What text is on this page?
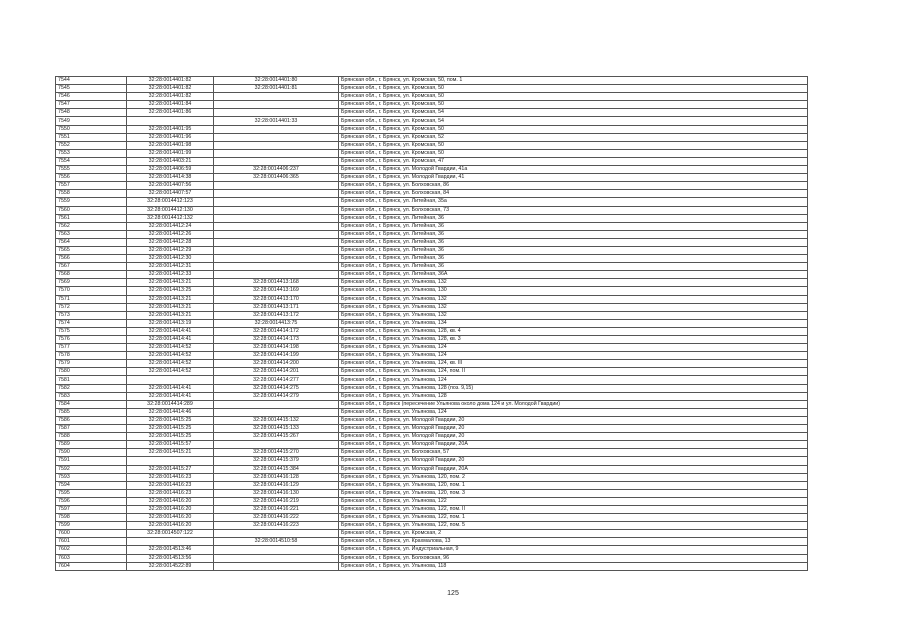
7544	32:28:0014401:82	32:28:0014401:80	Брянская обл., г. Брянск, ул. Кромская, 50, пом. 1
7545	32:28:0014401:82	32:28:0014401:81	Брянская обл., г. Брянск, ул. Кромская, 50
7546	32:28:0014401:82		Брянская обл., г. Брянск, ул. Кромская, 50
7547	32:28:0014401:84		Брянская обл., г. Брянск, ул. Кромская, 50
7548	32:28:0014401:86		Брянская обл., г. Брянск, ул. Кромская, 54
7549		32:28:0014401:33	Брянская обл., г. Брянск, ул. Кромская, 54
7550	32:28:0014401:95		Брянская обл., г. Брянск, ул. Кромская, 50
7551	32:28:0014401:96		Брянская обл., г. Брянск, ул. Кромская, 52
7552	32:28:0014401:98		Брянская обл., г. Брянск, ул. Кромская, 50
7553	32:28:0014401:99		Брянская обл., г. Брянск, ул. Кромская, 50
7554	32:28:0014403:21		Брянская обл., г. Брянск, ул. Кромская, 47
7555	32:28:0014406:59	32:28:0014406:237	Брянская обл., г. Брянск, ул. Молодой Гвардии, 41а
7556	32:28:0014414:38	32:28:0014406:365	Брянская обл., г. Брянск, ул. Молодой Гвардии, 41
7557	32:28:0014407:56		Брянская обл., г. Брянск, ул. Болховская, 86
7558	32:28:0014407:57		Брянская обл., г. Брянск, ул. Болховская, 84
7559	32:28:0014412:123		Брянская обл., г. Брянск, ул. Литейная, 35а
7560	32:28:0014412:130		Брянская обл., г. Брянск, ул. Болховская, 73
7561	32:28:0014412:132		Брянская обл., г. Брянск, ул. Литейная, 36
7562	32:28:0014412:24		Брянская обл., г. Брянск, ул. Литейная, 36
7563	32:28:0014412:26		Брянская обл., г. Брянск, ул. Литейная, 36
7564	32:28:0014412:28		Брянская обл., г. Брянск, ул. Литейная, 36
7565	32:28:0014412:29		Брянская обл., г. Брянск, ул. Литейная, 36
7566	32:28:0014412:30		Брянская обл., г. Брянск, ул. Литейная, 36
7567	32:28:0014412:31		Брянская обл., г. Брянск, ул. Литейная, 36
7568	32:28:0014412:33		Брянская обл., г. Брянск, ул. Литейная, 36А
7569	32:28:0014413:21	32:28:0014413:168	Брянская обл., г. Брянск, ул. Ульянова, 132
7570	32:28:0014413:25	32:28:0014413:169	Брянская обл., г. Брянск, ул. Ульянова, 130
7571	32:28:0014413:21	32:28:0014413:170	Брянская обл., г. Брянск, ул. Ульянова, 132
7572	32:28:0014413:21	32:28:0014413:171	Брянская обл., г. Брянск, ул. Ульянова, 132
7573	32:28:0014413:21	32:28:0014413:172	Брянская обл., г. Брянск, ул. Ульянова, 132
7574	32:28:0014413:19	32:28:0014413:75	Брянская обл., г. Брянск, ул. Ульянова, 134
7575	32:28:0014414:41	32:28:0014414:172	Брянская обл., г. Брянск, ул. Ульянова, 128, кв. 4
7576	32:28:0014414:41	32:28:0014414:173	Брянская обл., г. Брянск, ул. Ульянова, 128, кв. 3
7577	32:28:0014414:52	32:28:0014414:198	Брянская обл., г. Брянск, ул. Ульянова, 124
7578	32:28:0014414:52	32:28:0014414:199	Брянская обл., г. Брянск, ул. Ульянова, 124
7579	32:28:0014414:52	32:28:0014414:200	Брянская обл., г. Брянск, ул. Ульянова, 124, кв. III
7580	32:28:0014414:52	32:28:0014414:201	Брянская обл., г. Брянск, ул. Ульянова, 124, пом. II
7581		32:28:0014414:277	Брянская обл., г. Брянск, ул. Ульянова, 124
7582	32:28:0014414:41	32:28:0014414:275	Брянская обл., г. Брянск, ул. Ульянова, 128 (поз. 9,15)
7583	32:28:0014414:41	32:28:0014414:279	Брянская обл., г. Брянск, ул. Ульянова, 128
7584	32:28:0014414:289		Брянская обл., г. Брянск (пересечение Ульянова около дома 124 и ул. Молодой Гвардии)
7585	32:28:0014414:46		Брянская обл., г. Брянск, ул. Ульянова, 124
7586	32:28:0014415:25	32:28:0014415:132	Брянская обл., г. Брянск, ул. Молодой Гвардии, 20
7587	32:28:0014415:25	32:28:0014415:133	Брянская обл., г. Брянск, ул. Молодой Гвардии, 20
7588	32:28:0014415:25	32:28:0014415:267	Брянская обл., г. Брянск, ул. Молодой Гвардии, 20
7589	32:28:0014415:57		Брянская обл., г. Брянск, ул. Молодой Гвардии, 20А
7590	32:28:0014415:21	32:28:0014415:270	Брянская обл., г. Брянск, ул. Болховская, 57
7591		32:28:0014415:379	Брянская обл., г. Брянск, ул. Молодой Гвардии, 20
7592	32:28:0014415:27	32:28:0014415:384	Брянская обл., г. Брянск, ул. Молодой Гвардии, 20А
7593	32:28:0014416:23	32:28:0014416:128	Брянская обл., г. Брянск, ул. Ульянова, 120, пом. 2
7594	32:28:0014416:23	32:28:0014416:129	Брянская обл., г. Брянск, ул. Ульянова, 120, пом. 1
7595	32:28:0014416:23	32:28:0014416:130	Брянская обл., г. Брянск, ул. Ульянова, 120, пом. 3
7596	32:28:0014416:20	32:28:0014416:219	Брянская обл., г. Брянск, ул. Ульянова, 122
7597	32:28:0014416:20	32:28:0014416:221	Брянская обл., г. Брянск, ул. Ульянова, 122, пом. II
7598	32:28:0014416:20	32:28:0014416:222	Брянская обл., г. Брянск, ул. Ульянова, 122, пом. 1
7599	32:28:0014416:20	32:28:0014416:223	Брянская обл., г. Брянск, ул. Ульянова, 122, пом. 5
7600	32:28:0014507:122		Брянская обл., г. Брянск, ул. Кромская, 2
7601		32:28:0014510:58	Брянская обл., г. Брянск, ул. Крахмалова, 13
7602	32:28:0014513:46		Брянская обл., г. Брянск, ул. Индустриальная, 9
7603	32:28:0014513:56		Брянская обл., г. Брянск, ул. Болховская, 96
7604	32:28:0014522:89		Брянская обл., г. Брянск, ул. Ульянова, 118
125
